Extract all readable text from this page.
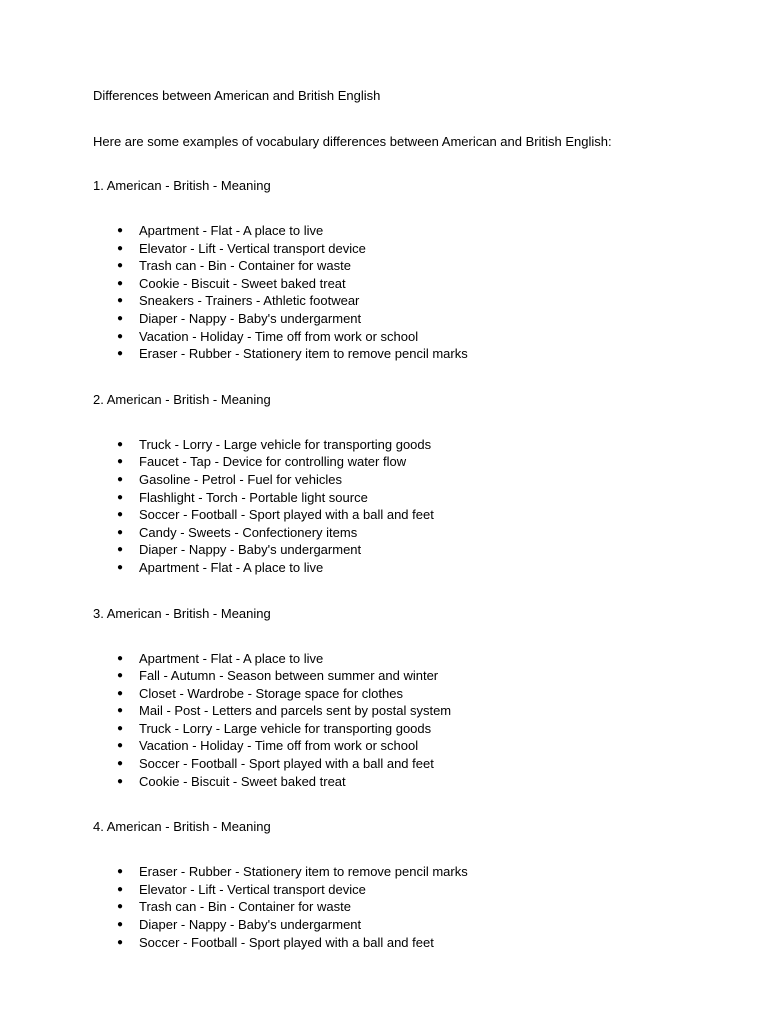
Differences between American and British English
Here are some examples of vocabulary differences between American and British English:
1. American - British - Meaning
● Apartment - Flat - A place to live
● Elevator - Lift - Vertical transport device
● Trash can - Bin - Container for waste
● Cookie - Biscuit - Sweet baked treat
● Sneakers - Trainers - Athletic footwear
● Diaper - Nappy - Baby's undergarment
● Vacation - Holiday - Time off from work or school
● Eraser - Rubber - Stationery item to remove pencil marks
2. American - British - Meaning
● Truck - Lorry - Large vehicle for transporting goods
● Faucet - Tap - Device for controlling water flow
● Gasoline - Petrol - Fuel for vehicles
● Flashlight - Torch - Portable light source
● Soccer - Football - Sport played with a ball and feet
● Candy - Sweets - Confectionery items
● Diaper - Nappy - Baby's undergarment
● Apartment - Flat - A place to live
3. American - British - Meaning
● Apartment - Flat - A place to live
● Fall - Autumn - Season between summer and winter
● Closet - Wardrobe - Storage space for clothes
● Mail - Post - Letters and parcels sent by postal system
● Truck - Lorry - Large vehicle for transporting goods
● Vacation - Holiday - Time off from work or school
● Soccer - Football - Sport played with a ball and feet
● Cookie - Biscuit - Sweet baked treat
4. American - British - Meaning
● Eraser - Rubber - Stationery item to remove pencil marks
● Elevator - Lift - Vertical transport device
● Trash can - Bin - Container for waste
● Diaper - Nappy - Baby's undergarment
● Soccer - Football - Sport played with a ball and feet
